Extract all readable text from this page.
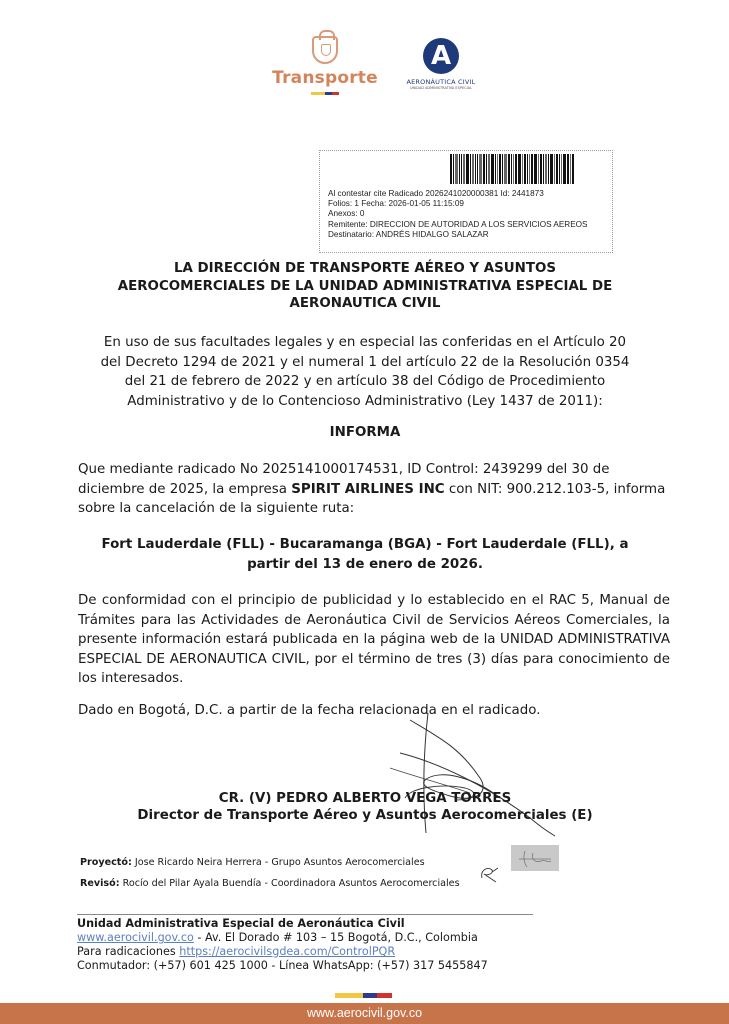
Transporte
A
AERONÁUTICA CIVIL
UNIDAD ADMINISTRATIVA ESPECIAL
Al contestar cite Radicado 2026241020000381 Id: 2441873
Folios: 1 Fecha: 2026-01-05 11:15:09
Anexos: 0
Remitente: DIRECCION DE AUTORIDAD A LOS SERVICIOS AEREOS
Destinatario: ANDRÉS HIDALGO SALAZAR
LA DIRECCIÓN DE TRANSPORTE AÉREO Y ASUNTOS
AEROCOMERCIALES DE LA UNIDAD ADMINISTRATIVA ESPECIAL DE
AERONAUTICA CIVIL
En uso de sus facultades legales y en especial las conferidas en el Artículo 20
del Decreto 1294 de 2021 y el numeral 1 del artículo 22 de la Resolución 0354
del 21 de febrero de 2022 y en artículo 38 del Código de Procedimiento
Administrativo y de lo Contencioso Administrativo (Ley 1437 de 2011):
INFORMA
Que mediante radicado No 2025141000174531, ID Control: 2439299 del 30 de diciembre de 2025, la empresa SPIRIT AIRLINES INC con NIT: 900.212.103-5, informa sobre la cancelación de la siguiente ruta:
Fort Lauderdale (FLL) - Bucaramanga (BGA) - Fort Lauderdale (FLL), a
partir del 13 de enero de 2026.
De conformidad con el principio de publicidad y lo establecido en el RAC 5, Manual de Trámites para las Actividades de Aeronáutica Civil de Servicios Aéreos Comerciales, la presente información estará publicada en la página web de la UNIDAD ADMINISTRATIVA ESPECIAL DE AERONAUTICA CIVIL, por el término de tres (3) días para conocimiento de los interesados.
Dado en Bogotá, D.C. a partir de la fecha relacionada en el radicado.
CR. (V) PEDRO ALBERTO VEGA TORRES
Director de Transporte Aéreo y Asuntos Aerocomerciales (E)
Proyectó: Jose Ricardo Neira Herrera - Grupo Asuntos Aerocomerciales
Revisó: Rocío del Pilar Ayala Buendía - Coordinadora Asuntos Aerocomerciales
Unidad Administrativa Especial de Aeronáutica Civil
www.aerocivil.gov.co - Av. El Dorado # 103 – 15 Bogotá, D.C., Colombia
Para radicaciones https://aerocivilsgdea.com/ControlPQR
Conmutador: (+57) 601 425 1000 - Línea WhatsApp: (+57) 317 5455847
www.aerocivil.gov.co
